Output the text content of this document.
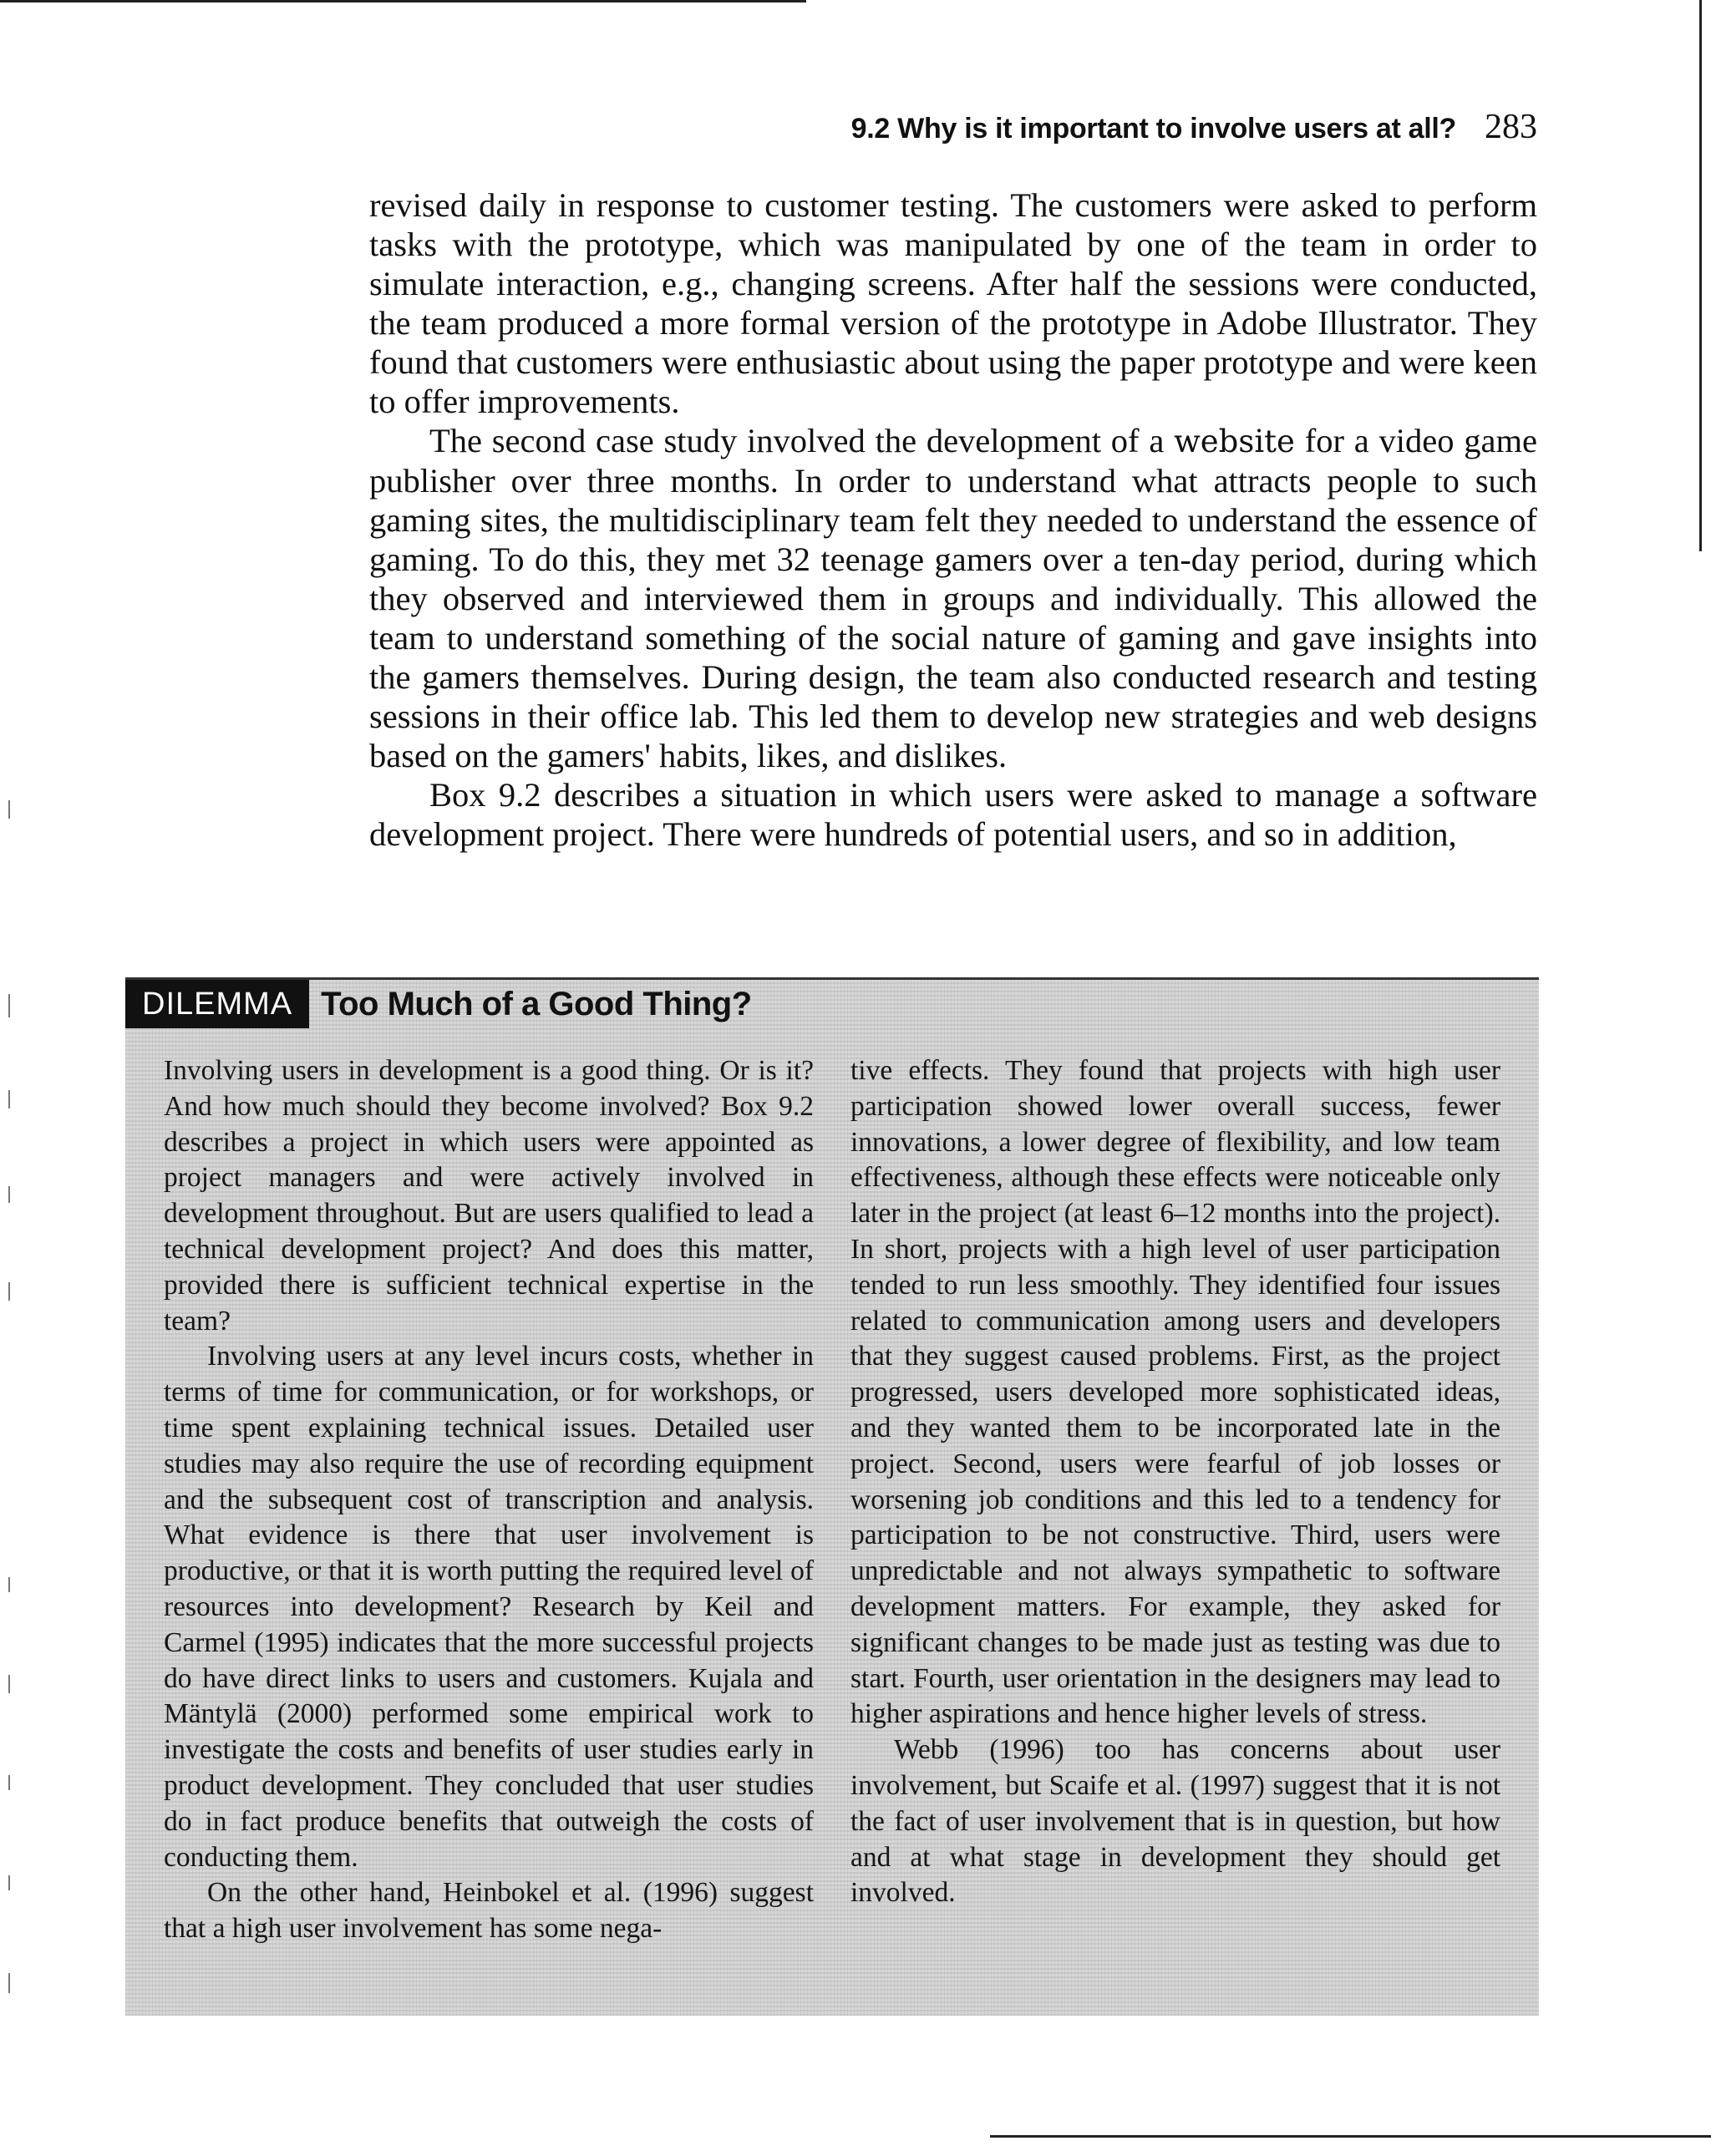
9.2 Why is it important to involve users at all? 283

revised daily in response to customer testing. The customers were asked to perform tasks with the prototype, which was manipulated by one of the team in order to simulate interaction, e.g., changing screens. After half the sessions were conducted, the team produced a more formal version of the prototype in Adobe Illustrator. They found that customers were enthusiastic about using the paper prototype and were keen to offer improvements.

The second case study involved the development of a website for a video game publisher over three months. In order to understand what attracts people to such gaming sites, the multidisciplinary team felt they needed to understand the essence of gaming. To do this, they met 32 teenage gamers over a ten-day period, during which they observed and interviewed them in groups and individually. This allowed the team to understand something of the social nature of gaming and gave insights into the gamers themselves. During design, the team also conducted research and testing sessions in their office lab. This led them to develop new strategies and web designs based on the gamers' habits, likes, and dislikes.

Box 9.2 describes a situation in which users were asked to manage a software development project. There were hundreds of potential users, and so in addition,

DILEMMA Too Much of a Good Thing?

Involving users in development is a good thing. Or is it? And how much should they become involved? Box 9.2 describes a project in which users were appointed as project managers and were actively involved in development throughout. But are users qualified to lead a technical development project? And does this matter, provided there is sufficient technical expertise in the team?

Involving users at any level incurs costs, whether in terms of time for communication, or for workshops, or time spent explaining technical issues. Detailed user studies may also require the use of recording equipment and the subsequent cost of transcription and analysis. What evidence is there that user involvement is productive, or that it is worth putting the required level of resources into development? Research by Keil and Carmel (1995) indicates that the more successful projects do have direct links to users and customers. Kujala and Mäntylä (2000) performed some empirical work to investigate the costs and benefits of user studies early in product development. They concluded that user studies do in fact produce benefits that outweigh the costs of conducting them.

On the other hand, Heinbokel et al. (1996) suggest that a high user involvement has some nega-

tive effects. They found that projects with high user participation showed lower overall success, fewer innovations, a lower degree of flexibility, and low team effectiveness, although these effects were noticeable only later in the project (at least 6–12 months into the project). In short, projects with a high level of user participation tended to run less smoothly. They identified four issues related to communication among users and developers that they suggest caused problems. First, as the project progressed, users developed more sophisticated ideas, and they wanted them to be incorporated late in the project. Second, users were fearful of job losses or worsening job conditions and this led to a tendency for participation to be not constructive. Third, users were unpredictable and not always sympathetic to software development matters. For example, they asked for significant changes to be made just as testing was due to start. Fourth, user orientation in the designers may lead to higher aspirations and hence higher levels of stress.

Webb (1996) too has concerns about user involvement, but Scaife et al. (1997) suggest that it is not the fact of user involvement that is in question, but how and at what stage in development they should get involved.
